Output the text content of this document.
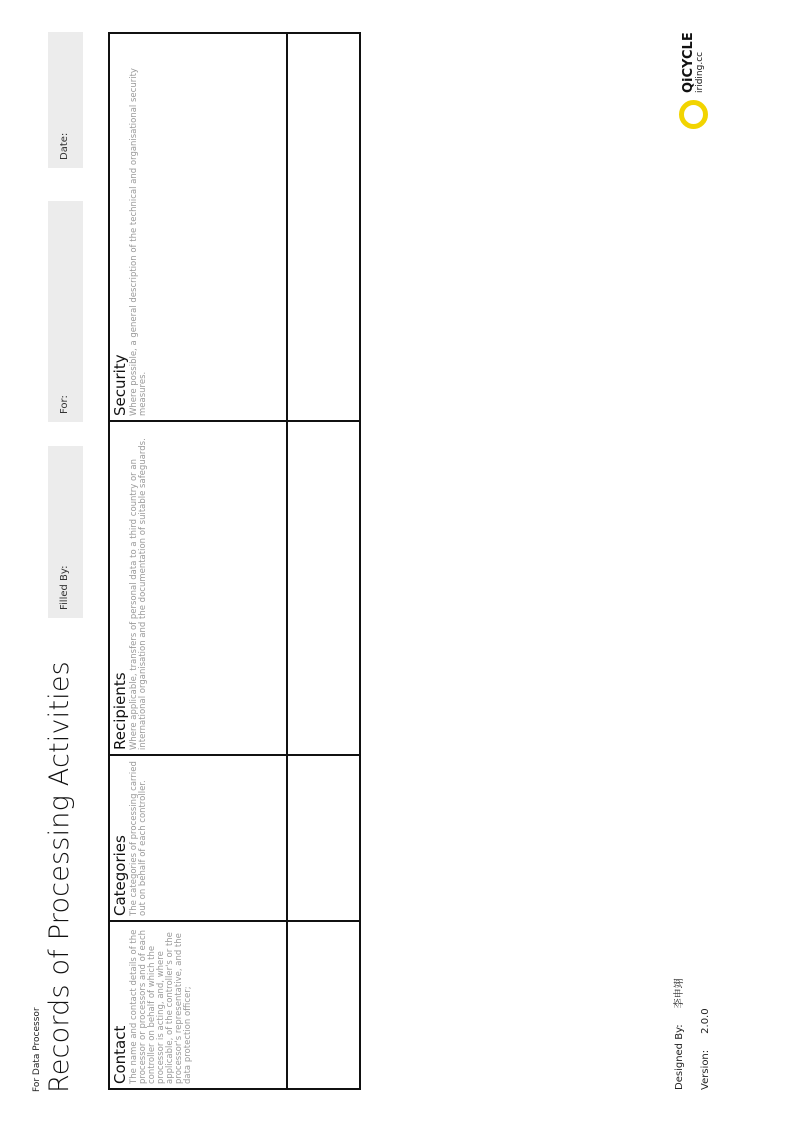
For Data Processor Records of Processing Activities
Filled By:
For:
Date:
Contact The name and contact details of the processor or processors and of each controller on behalf of which the processor is acting, and, where applicable, of the controller's or the processor's representative, and the data protection officer;

Categories The categories of processing carried out on behalf of each controller.

Recipients Where applicable, transfers of personal data to a third country or an international organisation and the documentation of suitable safeguards.

Security Where possible, a general description of the technical and organisational security measures.

Designed By:李申翊
Version:2.0.0
QiCYCLE iriding.cc
